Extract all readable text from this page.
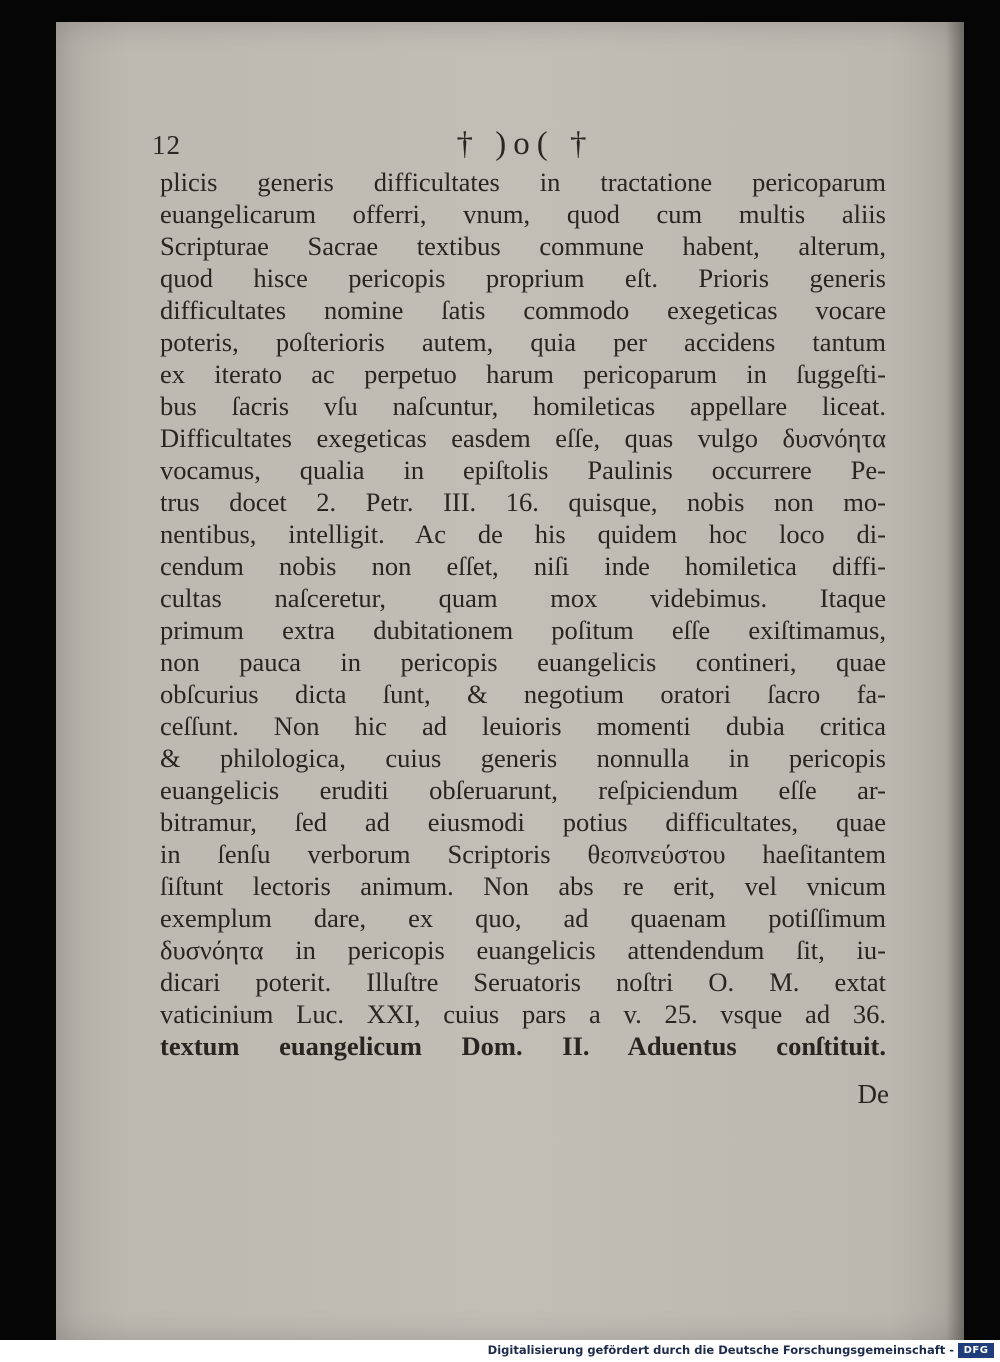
12	† )o( †
plicis generis difficultates in tractatione pericoparum
euangelicarum offerri, vnum, quod cum multis aliis
Scripturae Sacrae textibus commune habent, alterum,
quod hisce pericopis proprium eſt. Prioris generis
difficultates nomine ſatis commodo exegeticas vocare
poteris, poſterioris autem, quia per accidens tantum
ex iterato ac perpetuo harum pericoparum in ſuggeſti-
bus ſacris vſu naſcuntur, homileticas appellare liceat.
Difficultates exegeticas easdem eſſe, quas vulgo δυσνόητα
vocamus, qualia in epiſtolis Paulinis occurrere Pe-
trus docet 2. Petr. III. 16. quisque, nobis non mo-
nentibus, intelligit. Ac de his quidem hoc loco di-
cendum nobis non eſſet, niſi inde homiletica diffi-
cultas naſceretur, quam mox videbimus. Itaque
primum extra dubitationem poſitum eſſe exiſtimamus,
non pauca in pericopis euangelicis contineri, quae
obſcurius dicta ſunt, & negotium oratori ſacro fa-
ceſſunt. Non hic ad leuioris momenti dubia critica
& philologica, cuius generis nonnulla in pericopis
euangelicis eruditi obſeruarunt, reſpiciendum eſſe ar-
bitramur, ſed ad eiusmodi potius difficultates, quae
in ſenſu verborum Scriptoris θεοπνεύστου haeſitantem
ſiſtunt lectoris animum. Non abs re erit, vel vnicum
exemplum dare, ex quo, ad quaenam potiſſimum
δυσνόητα in pericopis euangelicis attendendum ſit, iu-
dicari poterit. Illuſtre Seruatoris noſtri O. M. extat
vaticinium Luc. XXI, cuius pars a v. 25. vsque ad 36.
textum euangelicum Dom. II. Aduentus conſtituit.
De
Digitalisierung gefördert durch die Deutsche Forschungsgemeinschaft - DFG
